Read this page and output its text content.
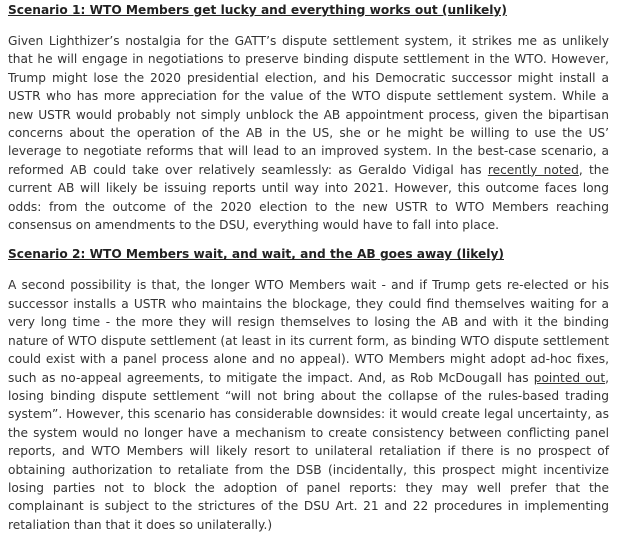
Scenario 1: WTO Members get lucky and everything works out (unlikely)

Given Lighthizer’s nostalgia for the GATT’s dispute settlement system, it strikes me as unlikely that he will engage in negotiations to preserve binding dispute settlement in the WTO. However, Trump might lose the 2020 presidential election, and his Democratic successor might install a USTR who has more appreciation for the value of the WTO dispute settlement system. While a new USTR would probably not simply unblock the AB appointment process, given the bipartisan concerns about the operation of the AB in the US, she or he might be willing to use the US’ leverage to negotiate reforms that will lead to an improved system. In the best-case scenario, a reformed AB could take over relatively seamlessly: as Geraldo Vidigal has recently noted, the current AB will likely be issuing reports until way into 2021. However, this outcome faces long odds: from the outcome of the 2020 election to the new USTR to WTO Members reaching consensus on amendments to the DSU, everything would have to fall into place.

Scenario 2: WTO Members wait, and wait, and the AB goes away (likely)

A second possibility is that, the longer WTO Members wait - and if Trump gets re-elected or his successor installs a USTR who maintains the blockage, they could find themselves waiting for a very long time - the more they will resign themselves to losing the AB and with it the binding nature of WTO dispute settlement (at least in its current form, as binding WTO dispute settlement could exist with a panel process alone and no appeal). WTO Members might adopt ad-hoc fixes, such as no-appeal agreements, to mitigate the impact. And, as Rob McDougall has pointed out, losing binding dispute settlement “will not bring about the collapse of the rules-based trading system”. However, this scenario has considerable downsides: it would create legal uncertainty, as the system would no longer have a mechanism to create consistency between conflicting panel reports, and WTO Members will likely resort to unilateral retaliation if there is no prospect of obtaining authorization to retaliate from the DSB (incidentally, this prospect might incentivize losing parties not to block the adoption of panel reports: they may well prefer that the complainant is subject to the strictures of the DSU Art. 21 and 22 procedures in implementing retaliation than that it does so unilaterally.)
